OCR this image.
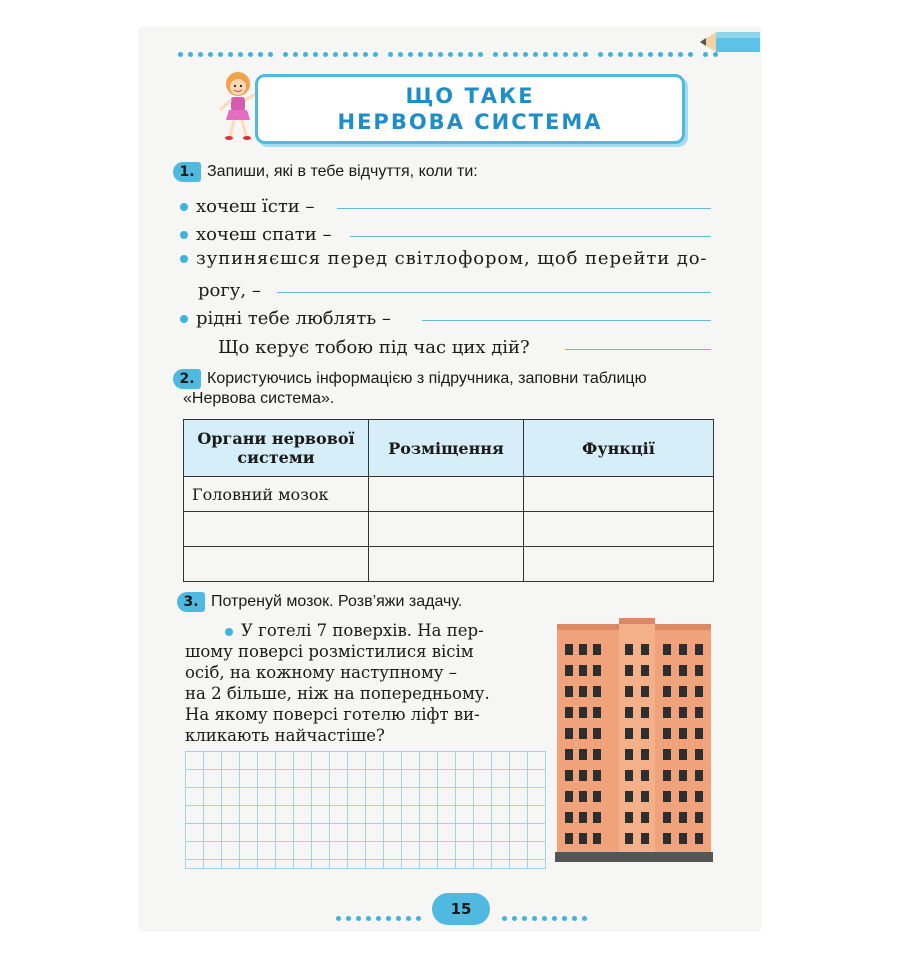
ЩО ТАКЕ
НЕРВОВА СИСТЕМА
1. Запиши, які в тебе відчуття, коли ти:
хочеш їсти –
хочеш спати –
зупиняєшся перед світлофором, щоб перейти до-
рогу, –
рідні тебе люблять –
Що керує тобою під час цих дій?
2. Користуючись інформацією з підручника, заповни таблицю
«Нервова система».
Органи нервової системи	Розміщення	Функції
Головний мозок		

3. Потренуй мозок. Розв’яжи задачу.
У готелі 7 поверхів. На пер-
шому поверсі розмістилися вісім
осіб, на кожному наступному –
на 2 більше, ніж на попередньому.
На якому поверсі готелю ліфт ви-
кликають найчастіше?
15
